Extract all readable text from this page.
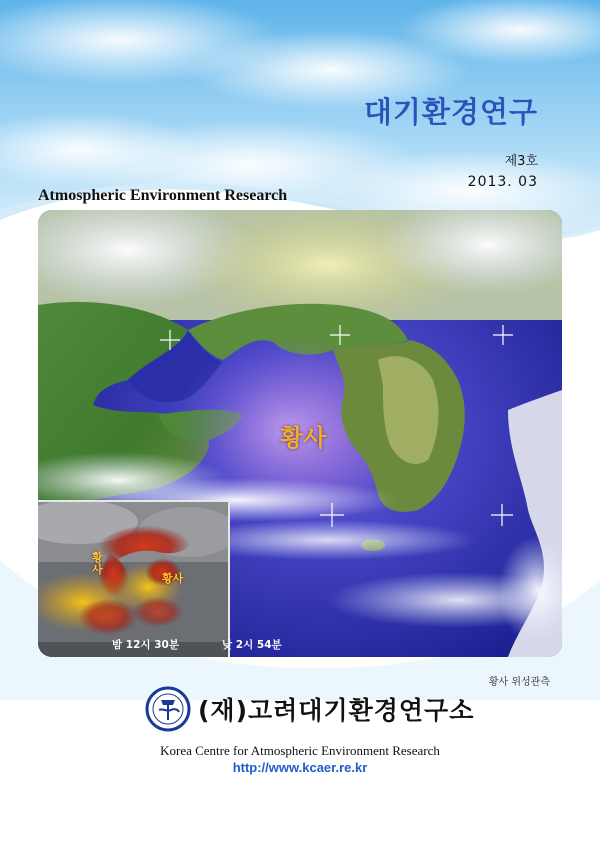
대기환경연구
제3호
2013. 03
Atmospheric Environment Research
황사
황사
황사
밤 12시 30분	낮 2시 54분
황사 위성관측
(재)고려대기환경연구소
Korea Centre for Atmospheric Environment Research
http://www.kcaer.re.kr
